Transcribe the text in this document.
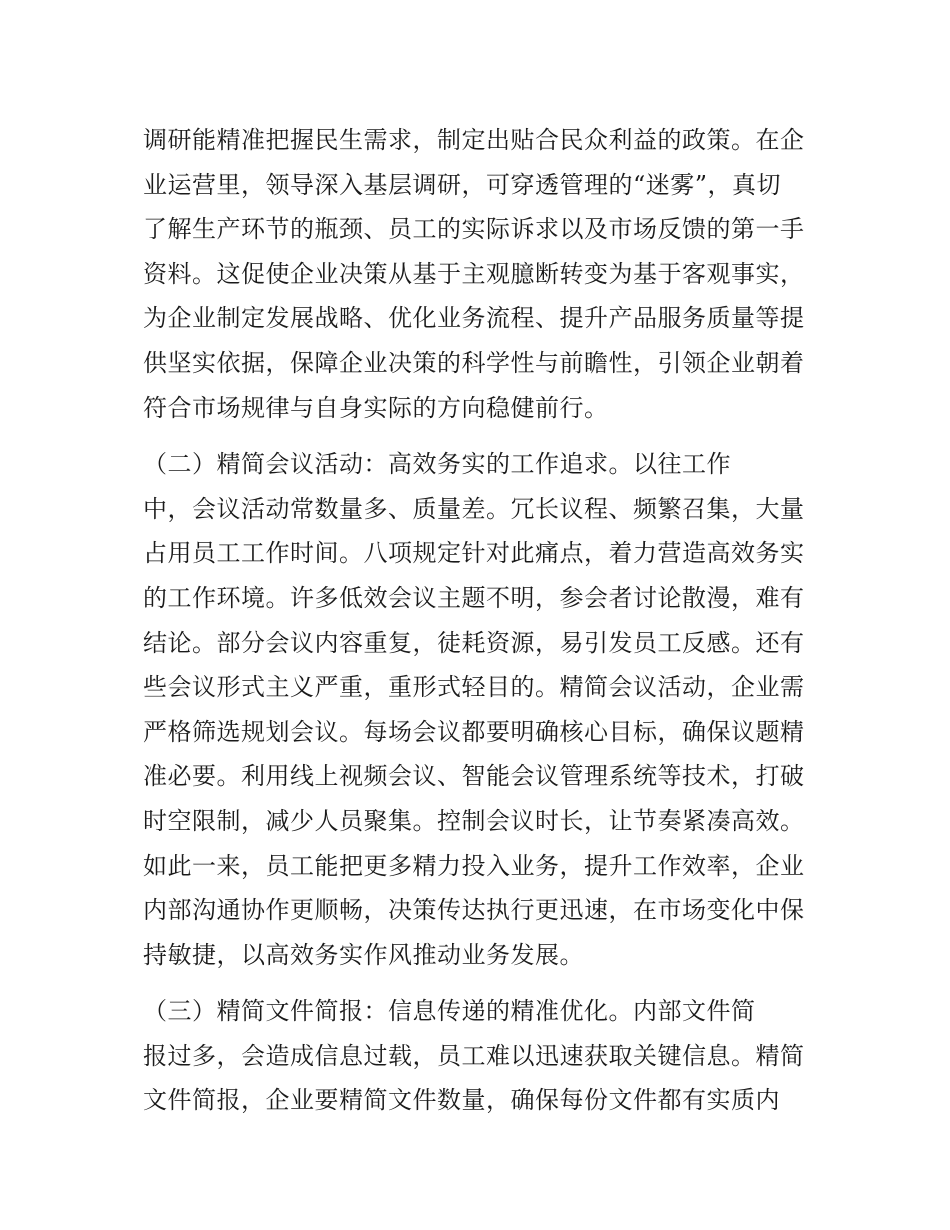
调研能精准把握民生需求，制定出贴合民众利益的政策。在企
业运营里，领导深入基层调研，可穿透管理的“迷雾”，真切
了解生产环节的瓶颈、员工的实际诉求以及市场反馈的第一手
资料。这促使企业决策从基于主观臆断转变为基于客观事实，
为企业制定发展战略、优化业务流程、提升产品服务质量等提
供坚实依据，保障企业决策的科学性与前瞻性，引领企业朝着
符合市场规律与自身实际的方向稳健前行。
（二）精简会议活动：高效务实的工作追求。以往工作
中，会议活动常数量多、质量差。冗长议程、频繁召集，大量
占用员工工作时间。八项规定针对此痛点，着力营造高效务实
的工作环境。许多低效会议主题不明，参会者讨论散漫，难有
结论。部分会议内容重复，徒耗资源，易引发员工反感。还有
些会议形式主义严重，重形式轻目的。精简会议活动，企业需
严格筛选规划会议。每场会议都要明确核心目标，确保议题精
准必要。利用线上视频会议、智能会议管理系统等技术，打破
时空限制，减少人员聚集。控制会议时长，让节奏紧凑高效。
如此一来，员工能把更多精力投入业务，提升工作效率，企业
内部沟通协作更顺畅，决策传达执行更迅速，在市场变化中保
持敏捷，以高效务实作风推动业务发展。
（三）精简文件简报：信息传递的精准优化。内部文件简
报过多，会造成信息过载，员工难以迅速获取关键信息。精简
文件简报，企业要精简文件数量，确保每份文件都有实质内
